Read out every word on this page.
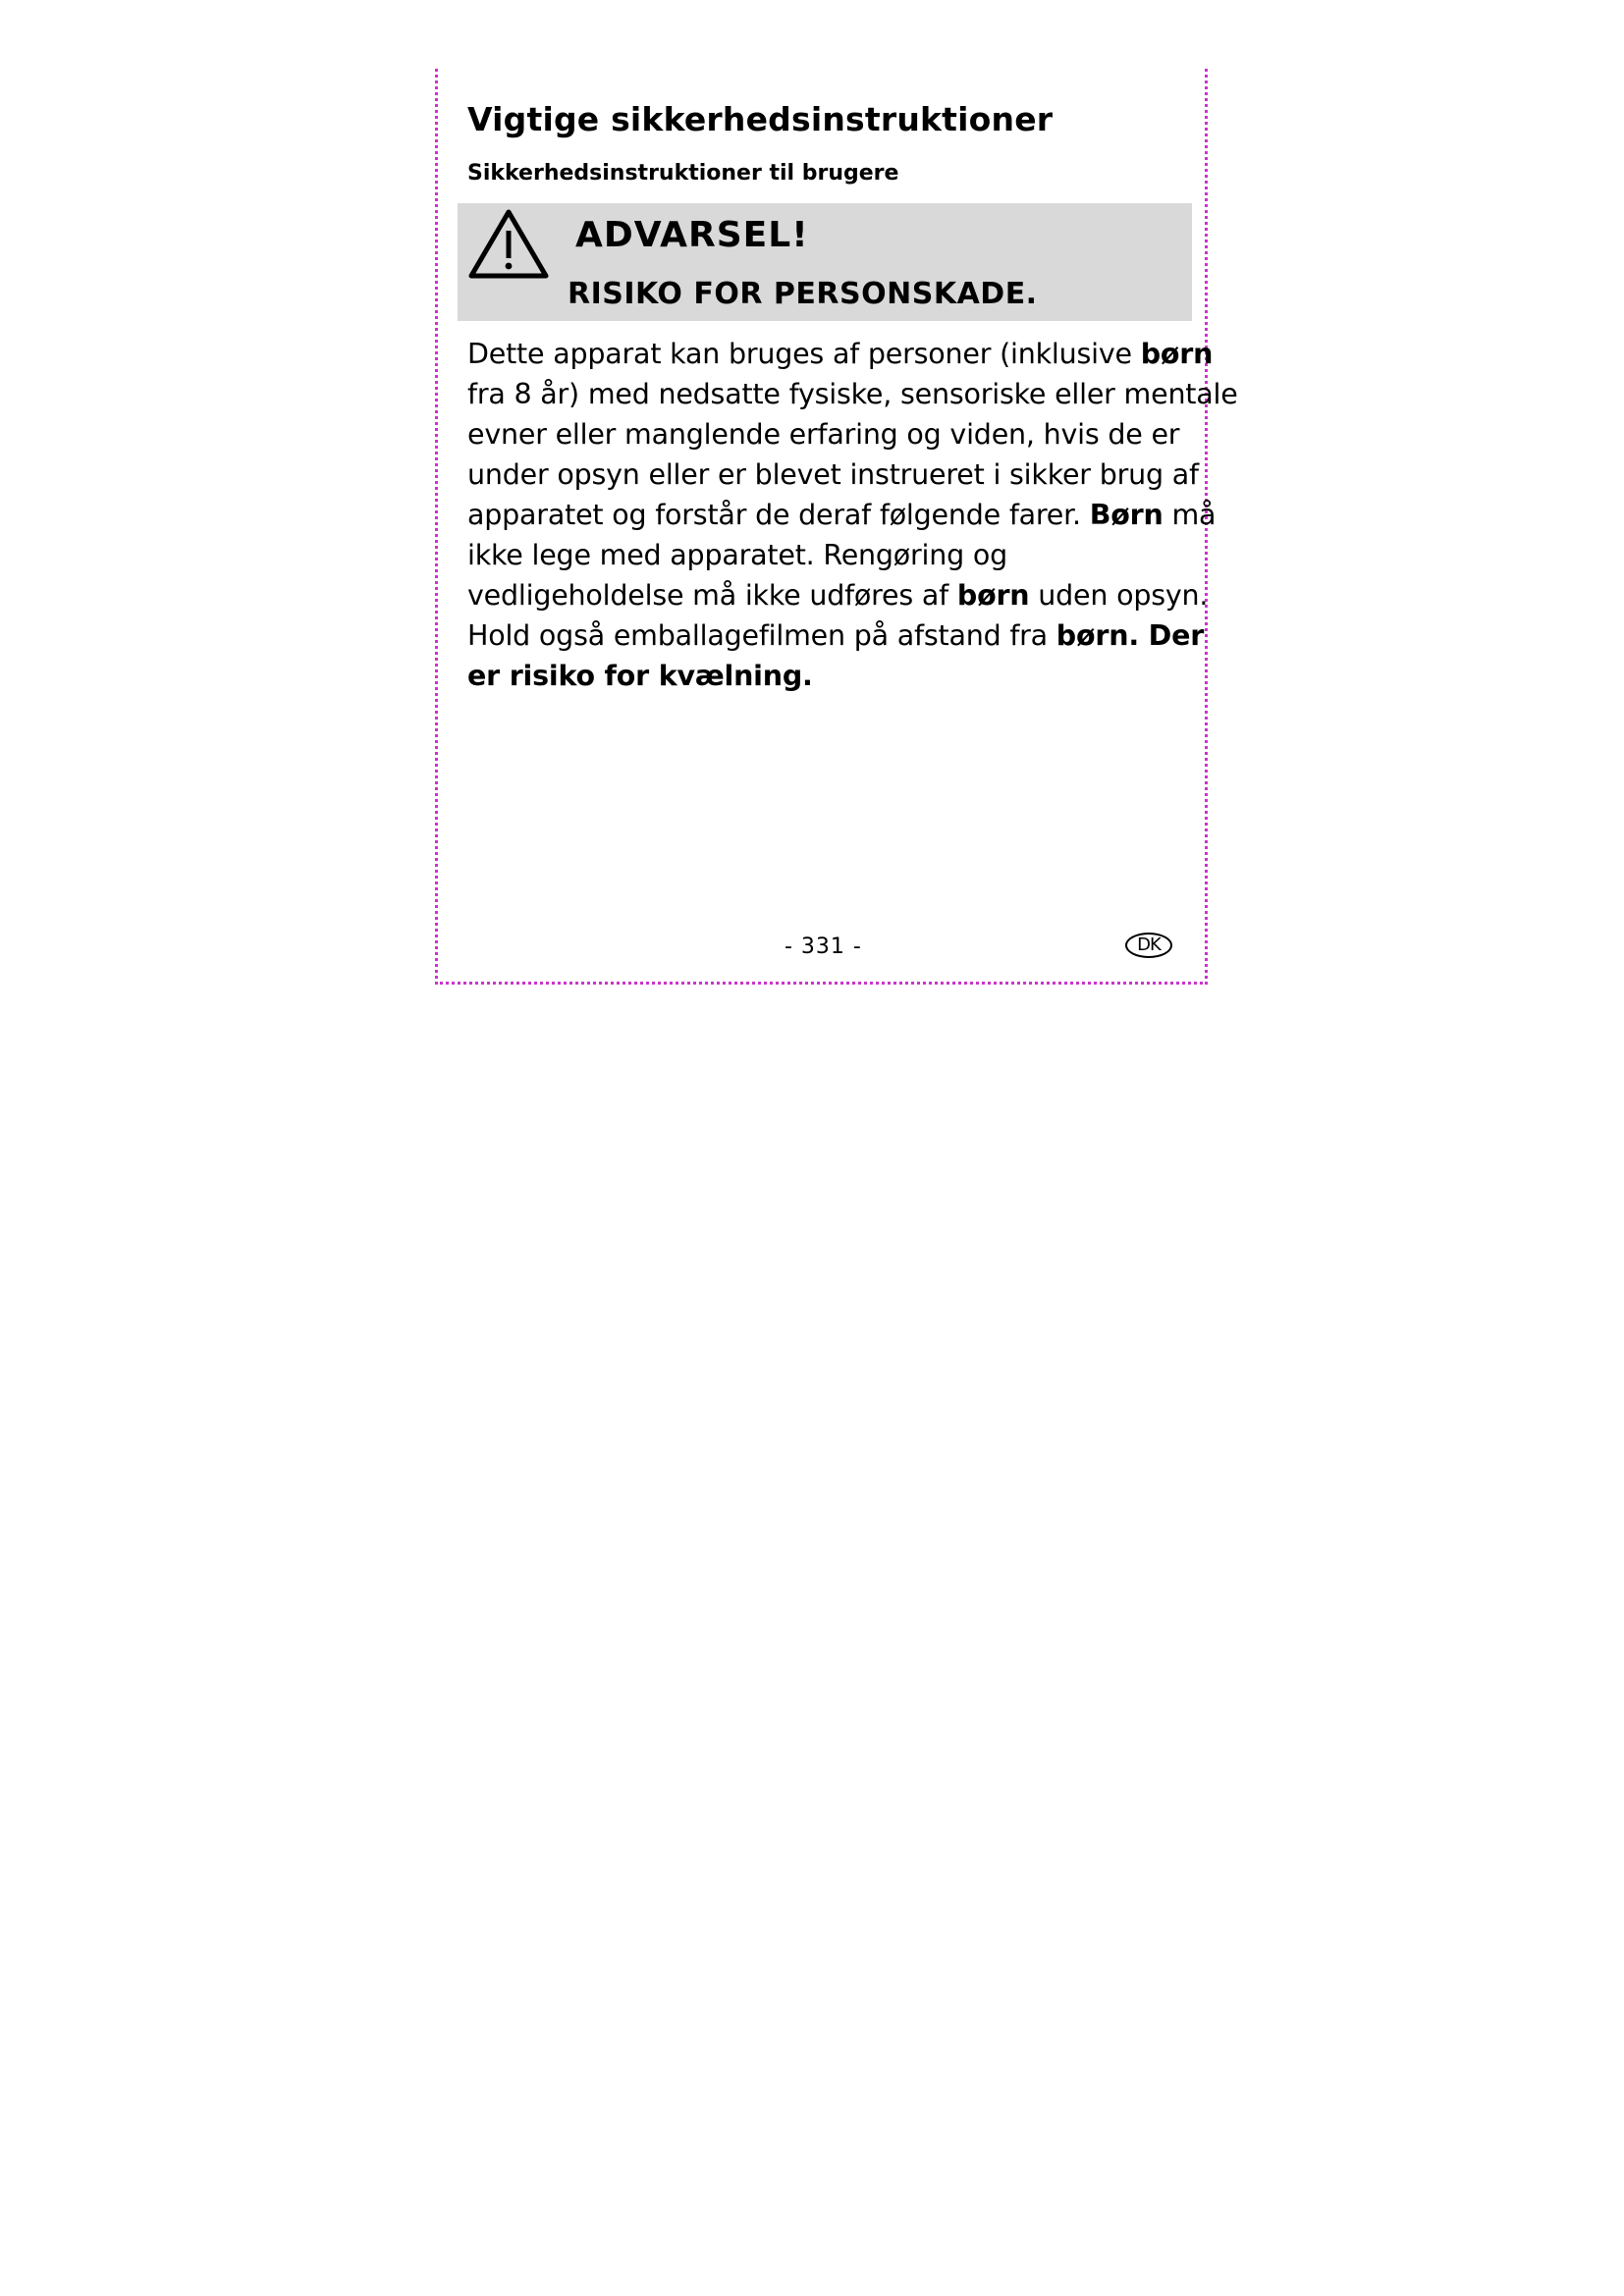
Vigtige sikkerhedsinstruktioner
Sikkerhedsinstruktioner til brugere
ADVARSEL!
RISIKO FOR PERSONSKADE.
Dette apparat kan bruges af personer (inklusive børn
fra 8 år) med nedsatte fysiske, sensoriske eller mentale
evner eller manglende erfaring og viden, hvis de er
under opsyn eller er blevet instrueret i sikker brug af
apparatet og forstår de deraf følgende farer. Børn må
ikke lege med apparatet. Rengøring og
vedligeholdelse må ikke udføres af børn uden opsyn.
Hold også emballagefilmen på afstand fra børn. Der
er risiko for kvælning.
- 331 -	DK
